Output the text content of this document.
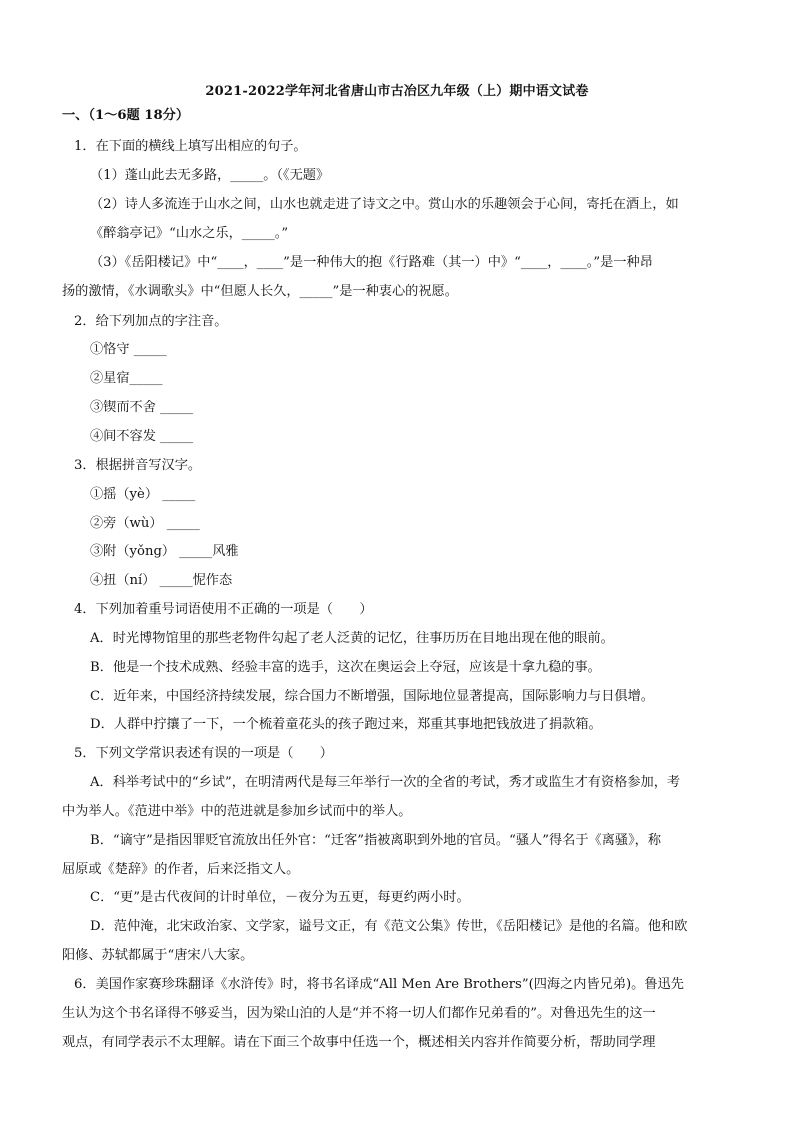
2021-2022学年河北省唐山市古冶区九年级（上）期中语文试卷
一、（1～6题 18分）
1．在下面的横线上填写出相应的句子。
（1）蓬山此去无多路，_____。（《无题》
（2）诗人多流连于山水之间，山水也就走进了诗文之中。赏山水的乐趣领会于心间，寄托在酒上，如
《醉翁亭记》“山水之乐，_____。”
（3）《岳阳楼记》中“____，____”是一种伟大的抱《行路难（其一）中》“____，____。”是一种昂
扬的激情，《水调歌头》中“但愿人长久，_____”是一种衷心的祝愿。
2．给下列加点的字注音。
①恪守 _____
②星宿_____
③锲而不舍 _____
④间不容发 _____
3．根据拼音写汉字。
①摇（yè） _____
②旁（wù） _____
③附（yǒng） _____风雅
④扭（ní） _____怩作态
4．下列加着重号词语使用不正确的一项是（　　）
A．时光博物馆里的那些老物件勾起了老人泛黄的记忆，往事历历在目地出现在他的眼前。
B．他是一个技术成熟、经验丰富的选手，这次在奥运会上夺冠，应该是十拿九稳的事。
C．近年来，中国经济持续发展，综合国力不断增强，国际地位显著提高，国际影响力与日俱增。
D．人群中拧攘了一下，一个梳着童花头的孩子跑过来，郑重其事地把钱放进了捐款箱。
5．下列文学常识表述有误的一项是（　　）
A．科举考试中的“乡试”，在明清两代是每三年举行一次的全省的考试，秀才或监生才有资格参加，考
中为举人。《范进中举》中的范进就是参加乡试而中的举人。
B．“谪守”是指因罪贬官流放出任外官：“迁客”指被离职到外地的官员。“骚人”得名于《离骚》，称
屈原或《楚辞》的作者，后来泛指文人。
C．“更”是古代夜间的计时单位，－夜分为五更，每更约两小时。
D．范仲淹，北宋政治家、文学家，谥号文正，有《范文公集》传世，《岳阳楼记》是他的名篇。他和欧
阳修、苏轼都属于“唐宋八大家。
6．美国作家赛珍珠翻译《水浒传》时，将书名译成“All Men Are Brothers”(四海之内皆兄弟)。鲁迅先
生认为这个书名译得不够妥当，因为梁山泊的人是“并不将一切人们都作兄弟看的”。对鲁迅先生的这一
观点，有同学表示不太理解。请在下面三个故事中任选一个，概述相关内容并作简要分析，帮助同学理
